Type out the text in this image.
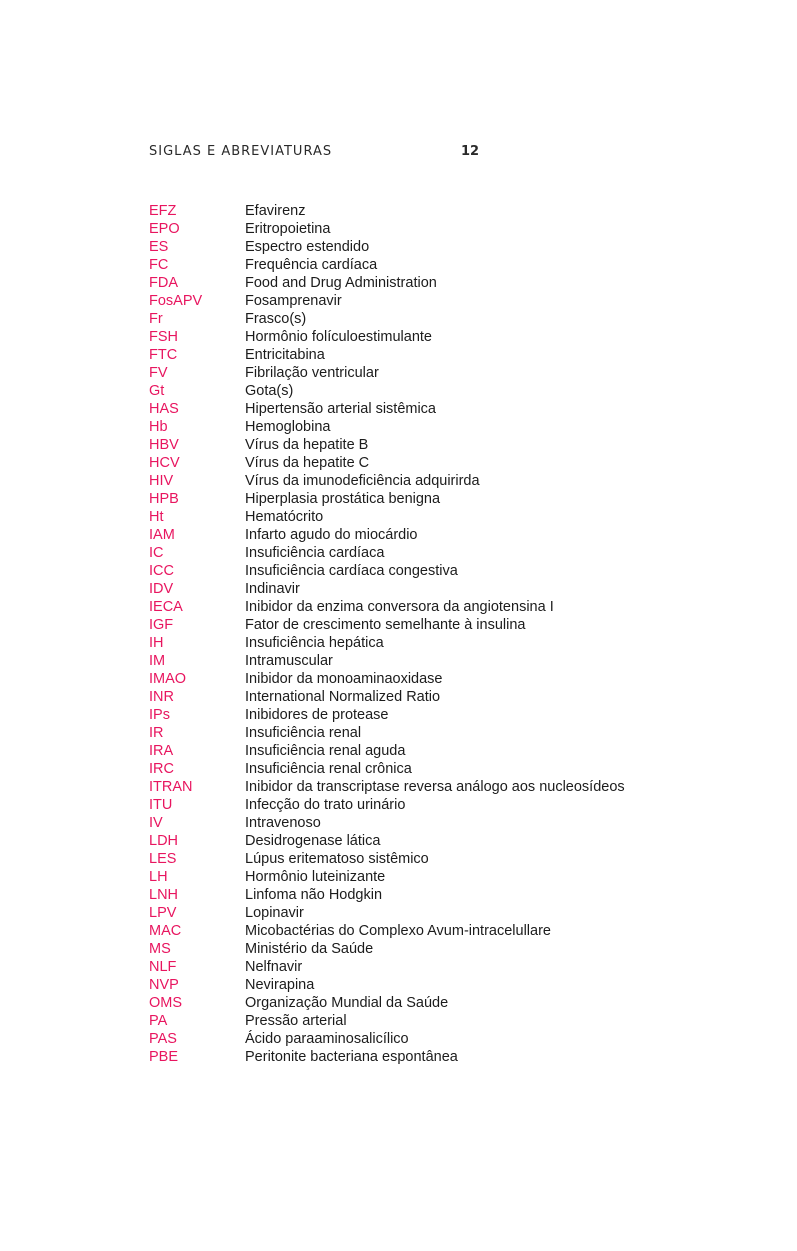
SIGLAS E ABREVIATURAS	12
EFZ	Efavirenz
EPO	Eritropoietina
ES	Espectro estendido
FC	Frequência cardíaca
FDA	Food and Drug Administration
FosAPV	Fosamprenavir
Fr	Frasco(s)
FSH	Hormônio folículoestimulante
FTC	Entricitabina
FV	Fibrilação ventricular
Gt	Gota(s)
HAS	Hipertensão arterial sistêmica
Hb	Hemoglobina
HBV	Vírus da hepatite B
HCV	Vírus da hepatite C
HIV	Vírus da imunodeficiência adquirirda
HPB	Hiperplasia prostática benigna
Ht	Hematócrito
IAM	Infarto agudo do miocárdio
IC	Insuficiência cardíaca
ICC	Insuficiência cardíaca congestiva
IDV	Indinavir
IECA	Inibidor da enzima conversora da angiotensina I
IGF	Fator de crescimento semelhante à insulina
IH	Insuficiência hepática
IM	Intramuscular
IMAO	Inibidor da monoaminaoxidase
INR	International Normalized Ratio
IPs	Inibidores de protease
IR	Insuficiência renal
IRA	Insuficiência renal aguda
IRC	Insuficiência renal crônica
ITRAN	Inibidor da transcriptase reversa análogo aos nucleosídeos
ITU	Infecção do trato urinário
IV	Intravenoso
LDH	Desidrogenase lática
LES	Lúpus eritematoso sistêmico
LH	Hormônio luteinizante
LNH	Linfoma não Hodgkin
LPV	Lopinavir
MAC	Micobactérias do Complexo Avum-intracelullare
MS	Ministério da Saúde
NLF	Nelfnavir
NVP	Nevirapina
OMS	Organização Mundial da Saúde
PA	Pressão arterial
PAS	Ácido paraaminosalicílico
PBE	Peritonite bacteriana espontânea
